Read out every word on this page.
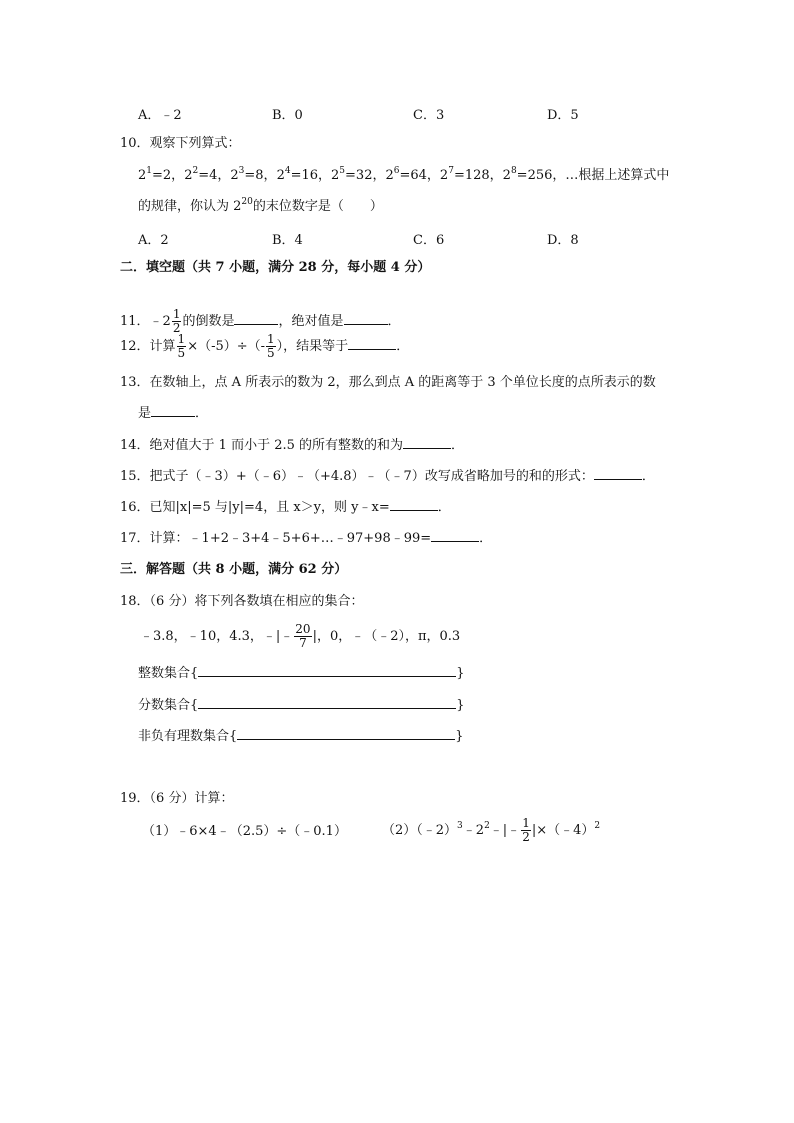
A．﹣2	B．0	C．3	D．5
10．观察下列算式：
$2^1=2$，$2^2=4$，$2^3=8$，$2^4=16$，$2^5=32$，$2^6=64$，$2^7=128$，$2^8=256$，…根据上述算式中
的规律，你认为 $2^{20}$的末位数字是（　　）
A．2	B．4	C．6	D．8
二．填空题（共 7 小题，满分 28 分，每小题 4 分）
11．﹣2 $\frac{1}{2}$ 的倒数是	，绝对值是	．
12．计算 $\frac{1}{5} \times(-5)\div(- \frac{1}{5}$ ），结果等于	．
13．在数轴上，点 A 所表示的数为 2，那么到点 A 的距离等于 3 个单位长度的点所表示的数
是	．
14．绝对值大于 1 而小于 2.5 的所有整数的和为	．
15．把式子（﹣3）+（﹣6）﹣（+4.8）﹣（﹣7）改写成省略加号的和的形式：	．
16．已知|x|=5 与|y|=4，且 x＞y，则 y﹣x=	．
17．计算：﹣1+2﹣3+4﹣5+6+…﹣97+98﹣99=	．
三．解答题（共 8 小题，满分 62 分）
18．（6 分）将下列各数填在相应的集合：
﹣3.8，﹣10，4.3，﹣|﹣ $\frac{20}{7}$ |，0，﹣（﹣2），π，0.3
整数集合{	}
分数集合{	}
非负有理数集合{	}
19．（6 分）计算：
（1）﹣6×4﹣（2.5）÷（﹣0.1）	$(2)(﹣2)^3﹣2^2﹣|﹣ \frac{1}{2}$ |×（﹣4）$^2$
